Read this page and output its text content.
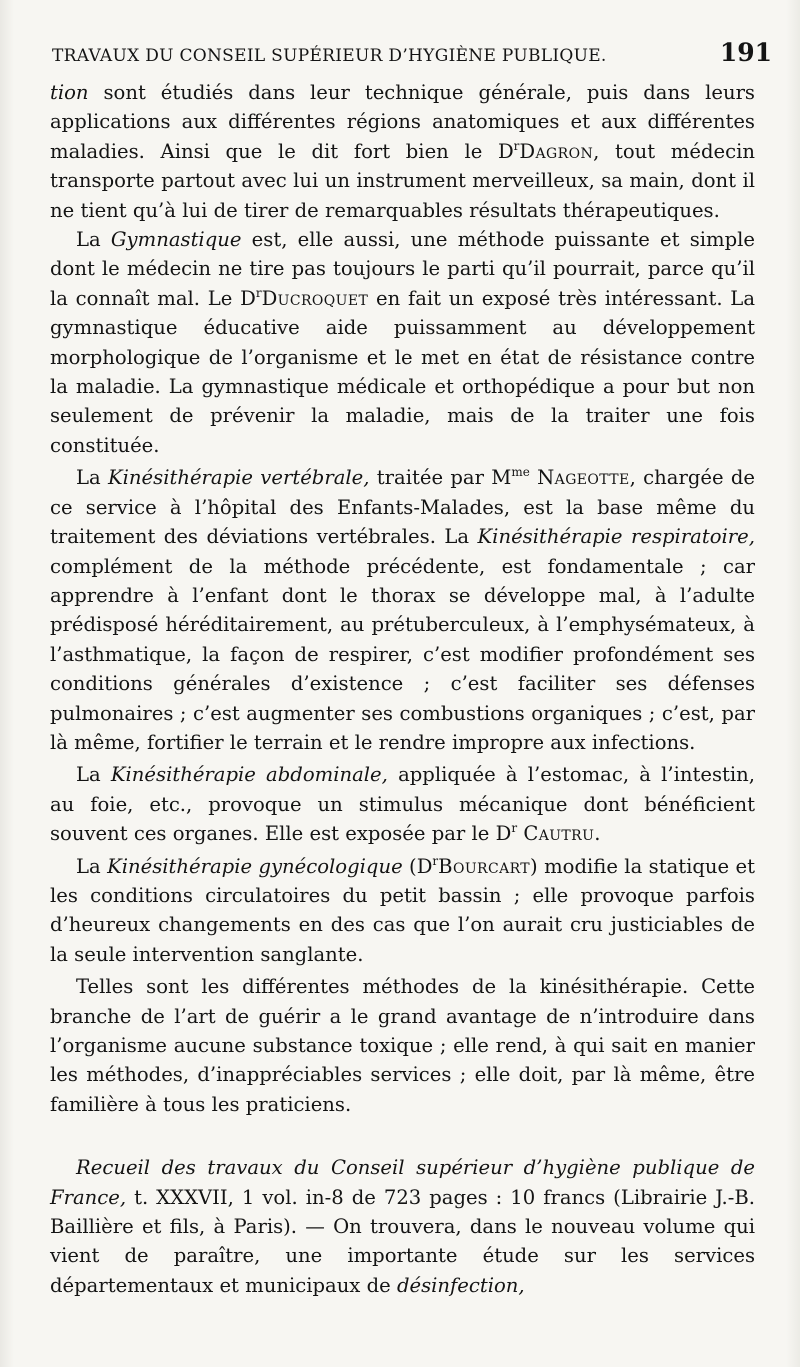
TRAVAUX DU CONSEIL SUPÉRIEUR D’HYGIÈNE PUBLIQUE.	191

tion sont étudiés dans leur technique générale, puis dans leurs applications aux différentes régions anatomiques et aux différentes maladies. Ainsi que le dit fort bien le $D^rDagron$, tout médecin transporte partout avec lui un instrument merveilleux, sa main, dont il ne tient qu’à lui de tirer de remarquables résultats thérapeutiques.

La Gymnastique est, elle aussi, une méthode puissante et simple dont le médecin ne tire pas toujours le parti qu’il pourrait, parce qu’il la connaît mal. Le $D^rDucroquet$ en fait un exposé très intéressant. La gymnastique éducative aide puissamment au développement morphologique de l’organisme et le met en état de résistance contre la maladie. La gymnastique médicale et orthopédique a pour but non seulement de prévenir la maladie, mais de la traiter une fois constituée.

La Kinésithérapie vertébrale, traitée par $M^{me}$ Nageotte, chargée de ce service à l’hôpital des Enfants-Malades, est la base même du traitement des déviations vertébrales. La Kinésithérapie respiratoire, complément de la méthode précédente, est fondamentale ; car apprendre à l’enfant dont le thorax se développe mal, à l’adulte prédisposé héréditairement, au prétuberculeux, à l’emphysémateux, à l’asthmatique, la façon de respirer, c’est modifier profondément ses conditions générales d’existence ; c’est faciliter ses défenses pulmonaires ; c’est augmenter ses combustions organiques ; c’est, par là même, fortifier le terrain et le rendre impropre aux infections.

La Kinésithérapie abdominale, appliquée à l’estomac, à l’intestin, au foie, etc., provoque un stimulus mécanique dont bénéficient souvent ces organes. Elle est exposée par le $D^r$ Cautru.

La Kinésithérapie gynécologique $(D^rBourcart)$ modifie la statique et les conditions circulatoires du petit bassin ; elle provoque parfois d’heureux changements en des cas que l’on aurait cru justiciables de la seule intervention sanglante.

Telles sont les différentes méthodes de la kinésithérapie. Cette branche de l’art de guérir a le grand avantage de n’introduire dans l’organisme aucune substance toxique ; elle rend, à qui sait en manier les méthodes, d’inappréciables services ; elle doit, par là même, être familière à tous les praticiens.

Recueil des travaux du Conseil supérieur d’hygiène publique de France, t. XXXVII, 1 vol. in-8 de 723 pages : 10 francs (Librairie J.-B. Baillière et fils, à Paris). — On trouvera, dans le nouveau volume qui vient de paraître, une importante étude sur les services départementaux et municipaux de désinfection,
